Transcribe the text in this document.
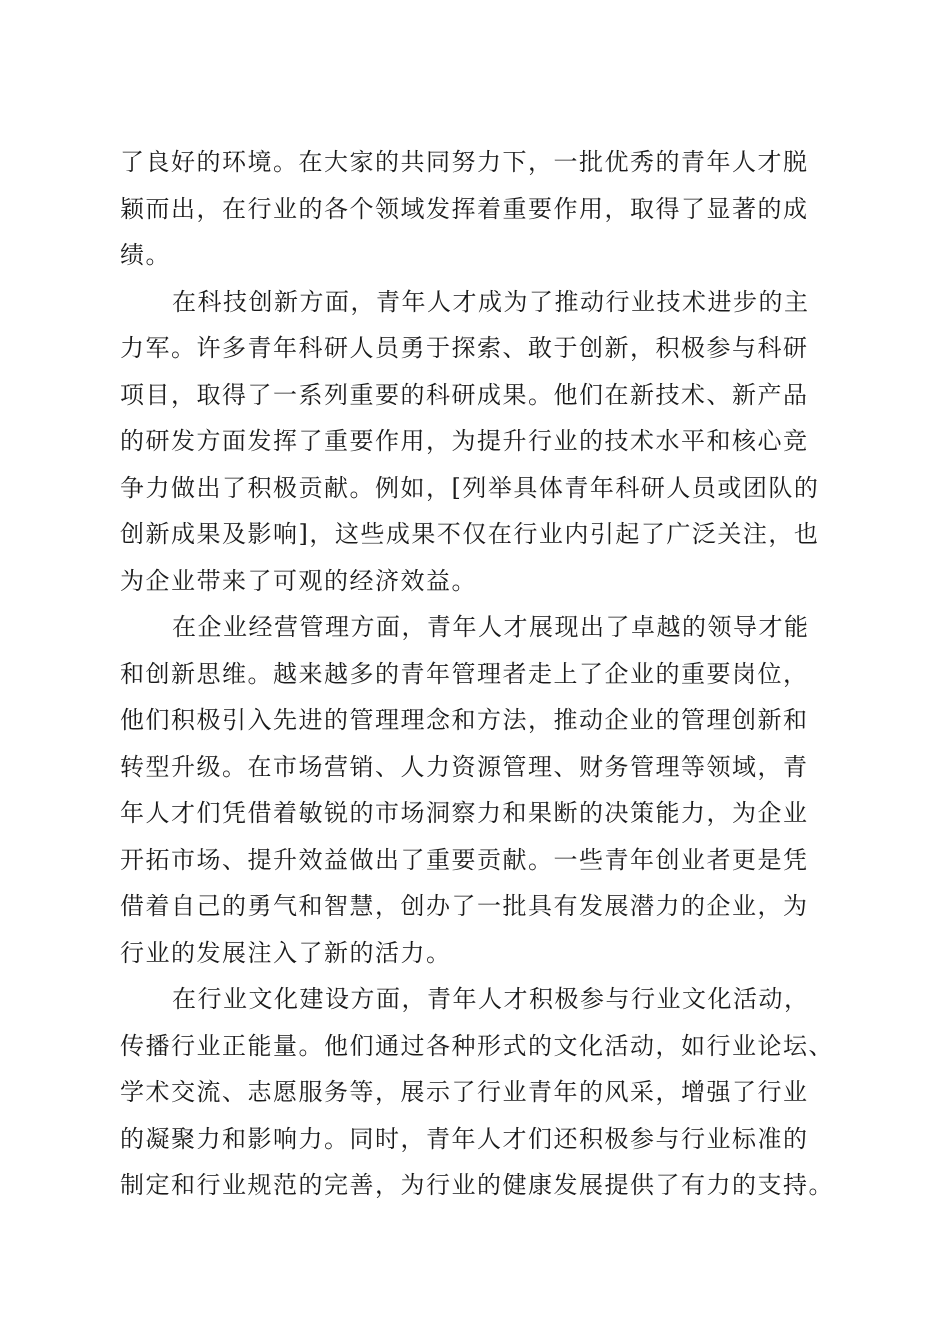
了良好的环境。在大家的共同努力下，一批优秀的青年人才脱
颖而出，在行业的各个领域发挥着重要作用，取得了显著的成
绩。
在科技创新方面，青年人才成为了推动行业技术进步的主
力军。许多青年科研人员勇于探索、敢于创新，积极参与科研
项目，取得了一系列重要的科研成果。他们在新技术、新产品
的研发方面发挥了重要作用，为提升行业的技术水平和核心竞
争力做出了积极贡献。例如，[列举具体青年科研人员或团队的
创新成果及影响]，这些成果不仅在行业内引起了广泛关注，也
为企业带来了可观的经济效益。
在企业经营管理方面，青年人才展现出了卓越的领导才能
和创新思维。越来越多的青年管理者走上了企业的重要岗位，
他们积极引入先进的管理理念和方法，推动企业的管理创新和
转型升级。在市场营销、人力资源管理、财务管理等领域，青
年人才们凭借着敏锐的市场洞察力和果断的决策能力，为企业
开拓市场、提升效益做出了重要贡献。一些青年创业者更是凭
借着自己的勇气和智慧，创办了一批具有发展潜力的企业，为
行业的发展注入了新的活力。
在行业文化建设方面，青年人才积极参与行业文化活动，
传播行业正能量。他们通过各种形式的文化活动，如行业论坛、
学术交流、志愿服务等，展示了行业青年的风采，增强了行业
的凝聚力和影响力。同时，青年人才们还积极参与行业标准的
制定和行业规范的完善，为行业的健康发展提供了有力的支持。
